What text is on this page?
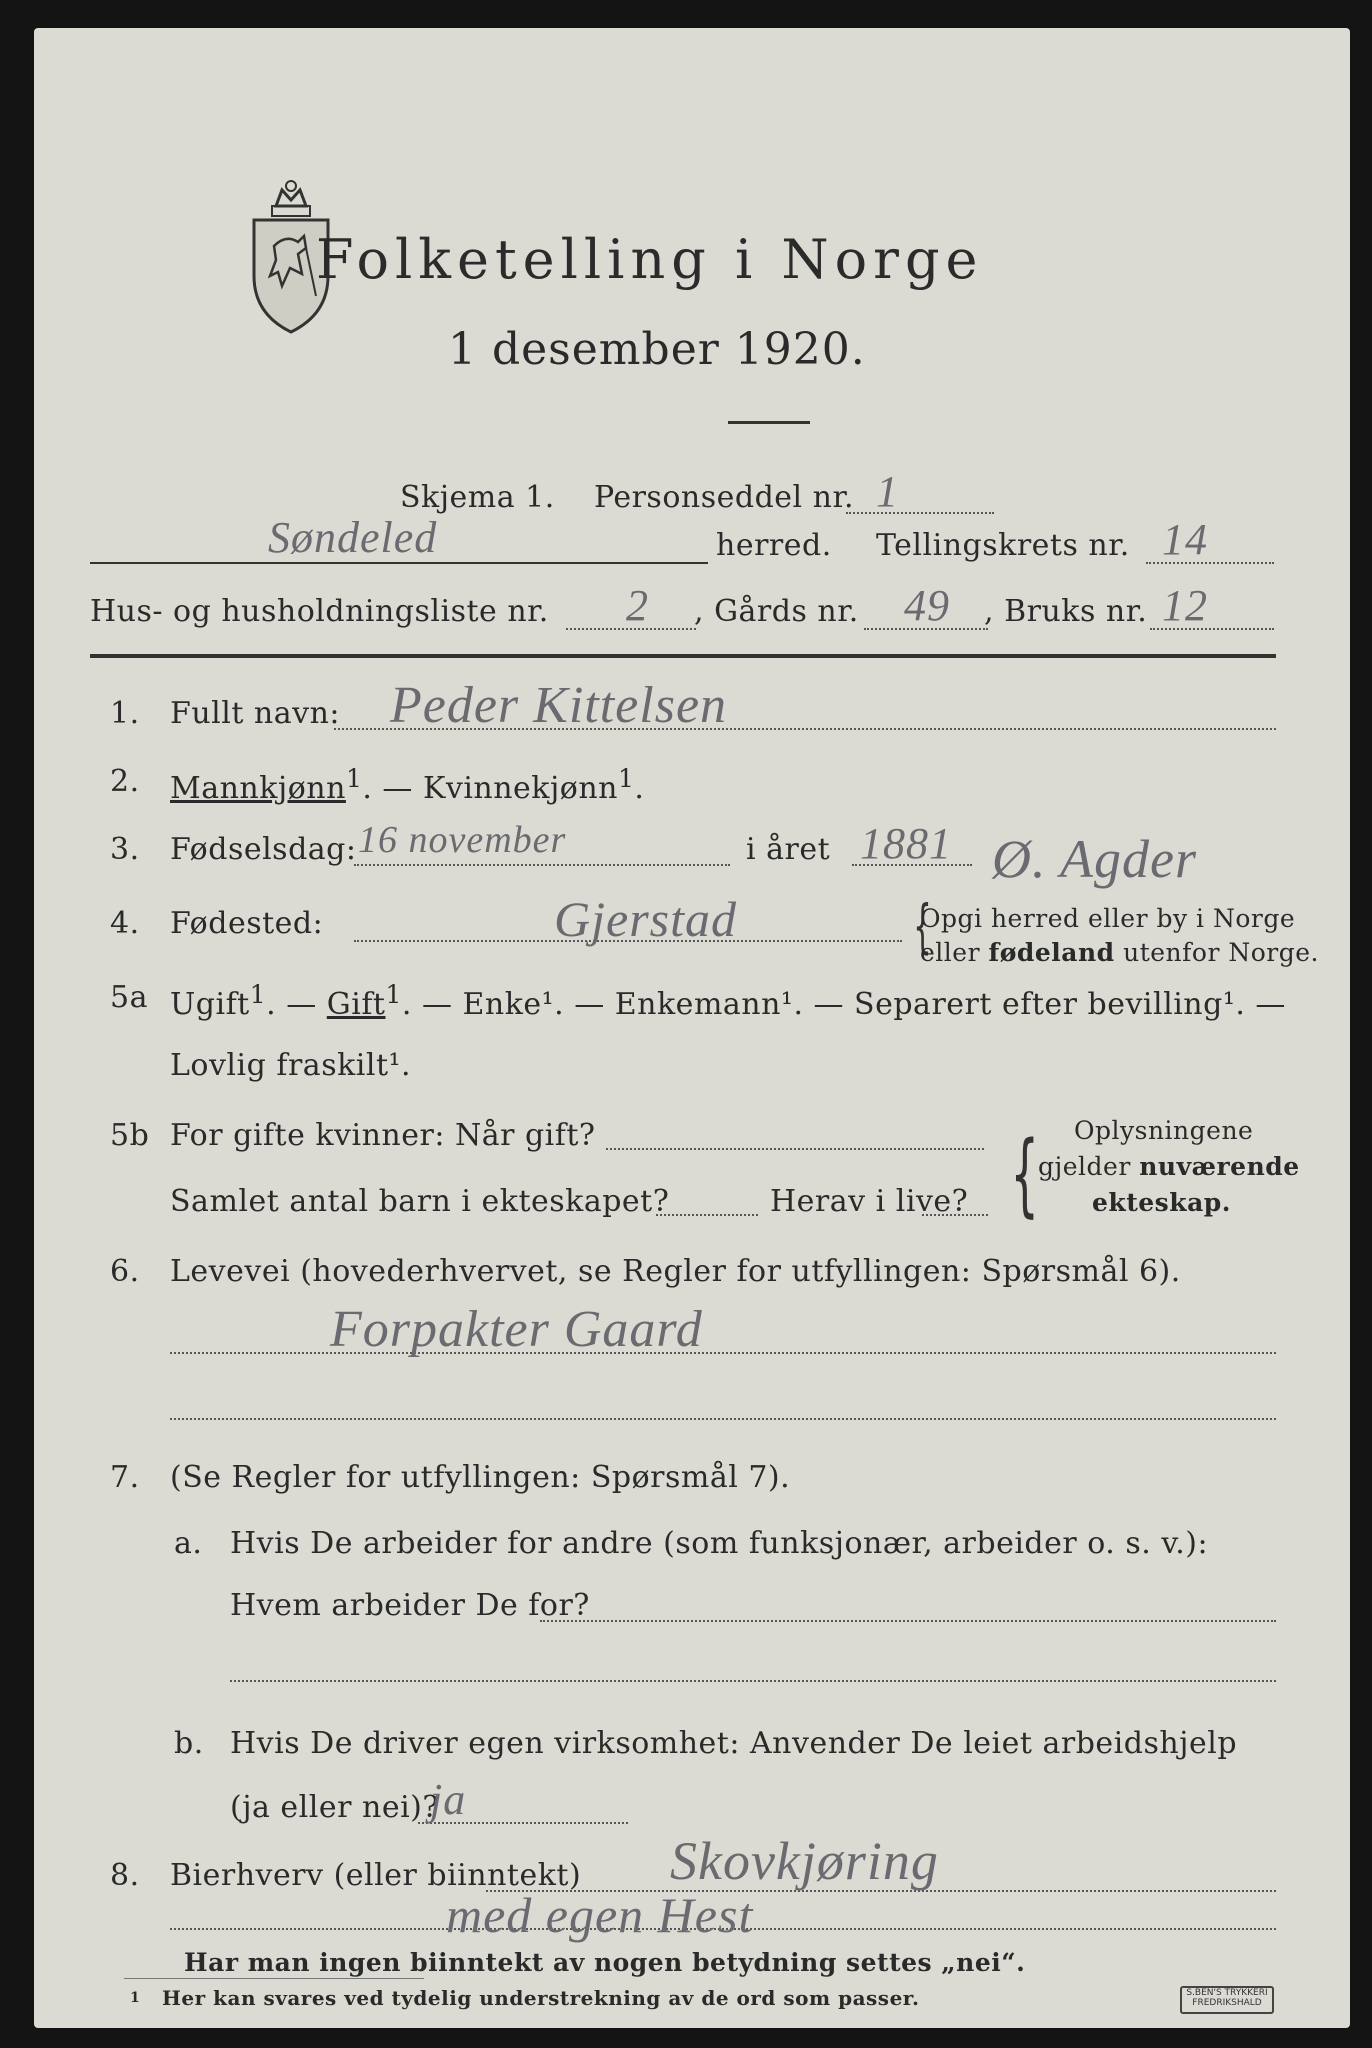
Folketelling i Norge
1 desember 1920.
Skjema 1. Personseddel nr. 1
Søndeled	herred. Tellingskrets nr. 14
Hus- og husholdningsliste nr. 2 , Gårds nr. 49 , Bruks nr. 12
1. Fullt navn: Peder Kittelsen
2. Mannkjønn$^1$. — Kvinnekjønn$^1$.
3. Fødselsdag: 16 november	i året 1881 Ø. Agder
4. Fødested:	Gjerstad	{
Opgi herred eller by i Norge
eller fødeland utenfor Norge.
5a Ugift$^1$. — Gift$^1$. — Enke¹. — Enkemann¹. — Separert efter bevilling¹. —
Lovlig fraskilt¹.
5b For gifte kvinner: Når gift?
Samlet antal barn i ekteskapet?	Herav i live? { Oplysningene
gjelder nuværende
ekteskap.
6. Levevei (hovederhvervet, se Regler for utfyllingen: Spørsmål 6).
Forpakter Gaard
7. (Se Regler for utfyllingen: Spørsmål 7).
a. Hvis De arbeider for andre (som funksjonær, arbeider o. s. v.):
Hvem arbeider De for?
b. Hvis De driver egen virksomhet: Anvender De leiet arbeidshjelp
(ja eller nei)?
ja
8. Bierhverv (eller biinntekt) Skovkjøring
med egen Hest
Har man ingen biinntekt av nogen betydning settes „nei“.
1 Her kan svares ved tydelig understrekning av de ord som passer.	S.BEN'S TRYKKERI
FREDRIKSHALD
